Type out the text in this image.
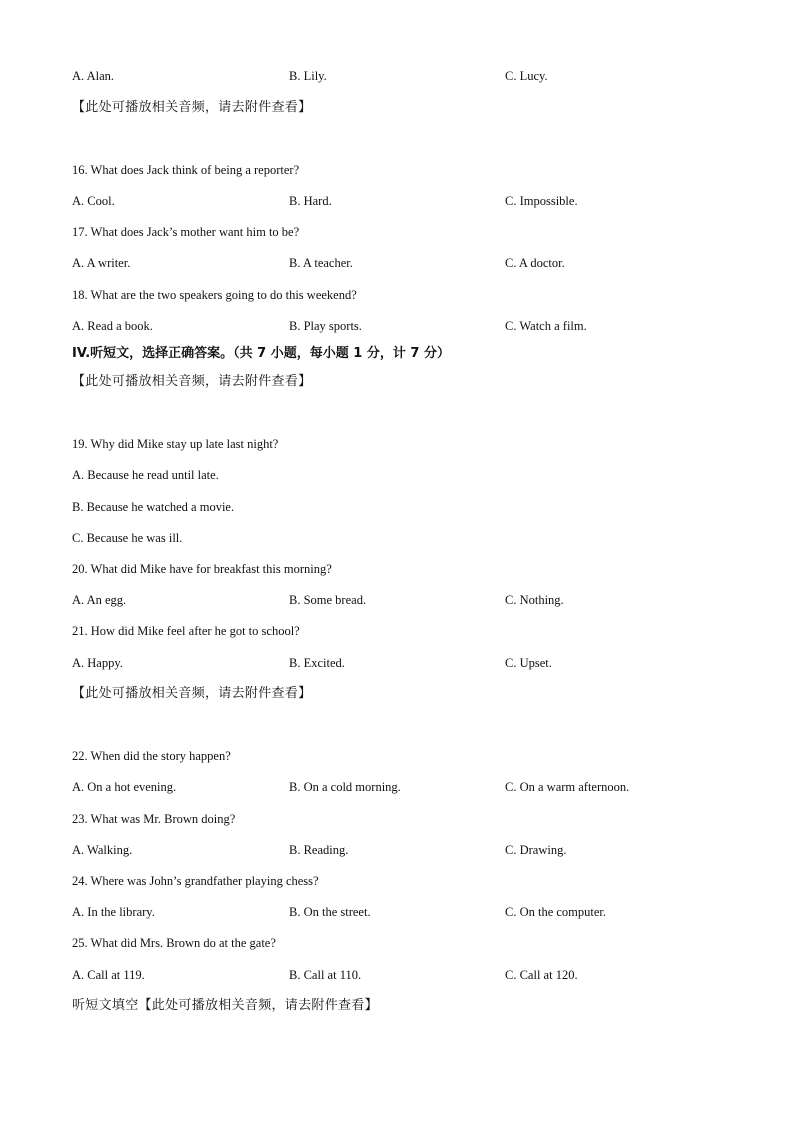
A. Alan.	B. Lily.	C. Lucy.
【此处可播放相关音频，请去附件查看】
16. What does Jack think of being a reporter?
A. Cool.	B. Hard.	C. Impossible.
17. What does Jack’s mother want him to be?
A. A writer.	B. A teacher.	C. A doctor.
18. What are the two speakers going to do this weekend?
A. Read a book.	B. Play sports.	C. Watch a film.
IV.听短文，选择正确答案。（共 7 小题，每小题 1 分，计 7 分）
【此处可播放相关音频，请去附件查看】
19. Why did Mike stay up late last night?
A. Because he read until late.
B. Because he watched a movie.
C. Because he was ill.
20. What did Mike have for breakfast this morning?
A. An egg.	B. Some bread.	C. Nothing.
21. How did Mike feel after he got to school?
A. Happy.	B. Excited.	C. Upset.
【此处可播放相关音频，请去附件查看】
22. When did the story happen?
A. On a hot evening.	B. On a cold morning.	C. On a warm afternoon.
23. What was Mr. Brown doing?
A. Walking.	B. Reading.	C. Drawing.
24. Where was John’s grandfather playing chess?
A. In the library.	B. On the street.	C. On the computer.
25. What did Mrs. Brown do at the gate?
A. Call at 119.	B. Call at 110.	C. Call at 120.
听短文填空【此处可播放相关音频，请去附件查看】
